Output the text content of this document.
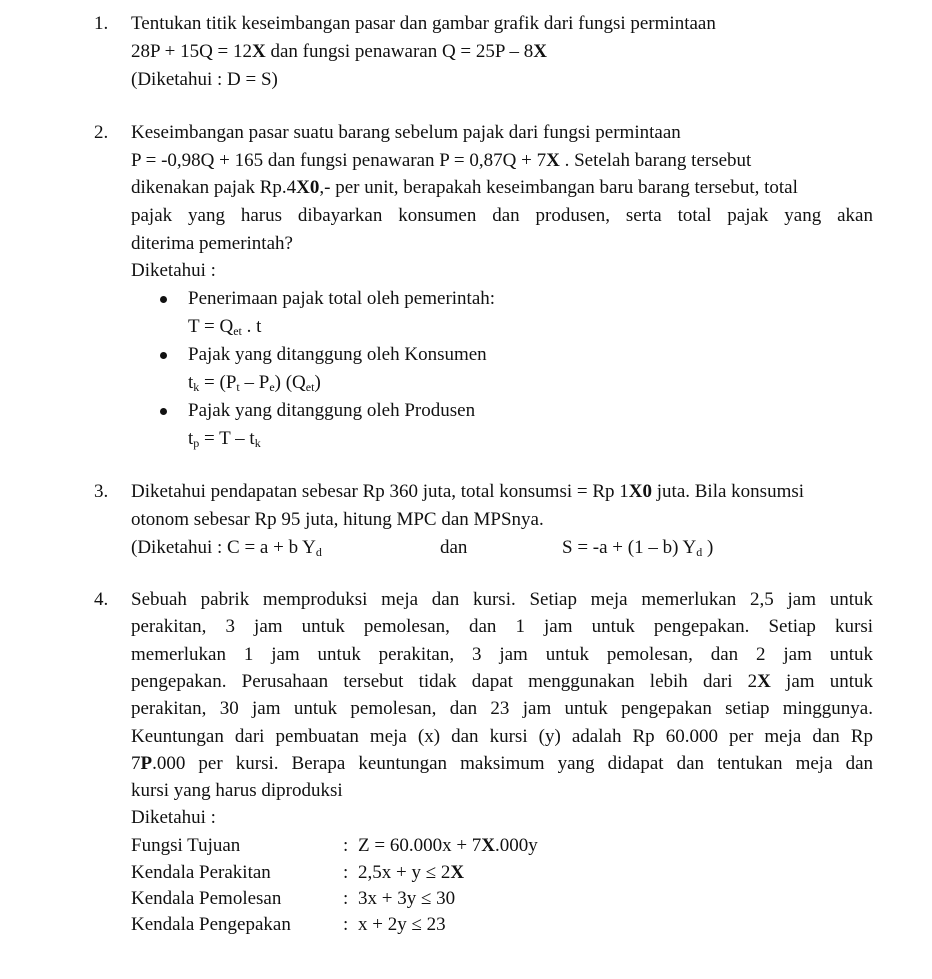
1. Tentukan titik keseimbangan pasar dan gambar grafik dari fungsi permintaan
28P + 15Q = 12X dan fungsi penawaran Q = 25P – 8X
(Diketahui : D = S)
2. Keseimbangan pasar suatu barang sebelum pajak dari fungsi permintaan
P = -0,98Q + 165 dan fungsi penawaran P = 0,87Q + 7X . Setelah barang tersebut
dikenakan pajak Rp.4X0,- per unit, berapakah keseimbangan baru barang tersebut, total
pajak yang harus dibayarkan konsumen dan produsen, serta total pajak yang akan
diterima pemerintah?
Diketahui :
Penerimaan pajak total oleh pemerintah:
$T = Q_{et}$ . t
Pajak yang ditanggung oleh Konsumen
$t_k = (P_t - P_e)$ $(Q_{et})$
Pajak yang ditanggung oleh Produsen
$t_p = T - t_k$
3. Diketahui pendapatan sebesar Rp 360 juta, total konsumsi = Rp 1X0 juta. Bila konsumsi
otonom sebesar Rp 95 juta, hitung MPC dan MPSnya.
(Diketahui : C = a + b $Y_d$	dan	S = -a + (1 – b) $Y_d$ )
4. Sebuah pabrik memproduksi meja dan kursi. Setiap meja memerlukan 2,5 jam untuk
perakitan, 3 jam untuk pemolesan, dan 1 jam untuk pengepakan. Setiap kursi
memerlukan 1 jam untuk perakitan, 3 jam untuk pemolesan, dan 2 jam untuk
pengepakan. Perusahaan tersebut tidak dapat menggunakan lebih dari 2X jam untuk
perakitan, 30 jam untuk pemolesan, dan 23 jam untuk pengepakan setiap minggunya.
Keuntungan dari pembuatan meja (x) dan kursi (y) adalah Rp 60.000 per meja dan Rp
7P.000 per kursi. Berapa keuntungan maksimum yang didapat dan tentukan meja dan
kursi yang harus diproduksi
Diketahui :
Fungsi Tujuan	: Z = 60.000x + 7X.000y
Kendala Perakitan	: 2,5x + y ≤ 2X
Kendala Pemolesan	: 3x + 3y ≤ 30
Kendala Pengepakan	: x + 2y ≤ 23
